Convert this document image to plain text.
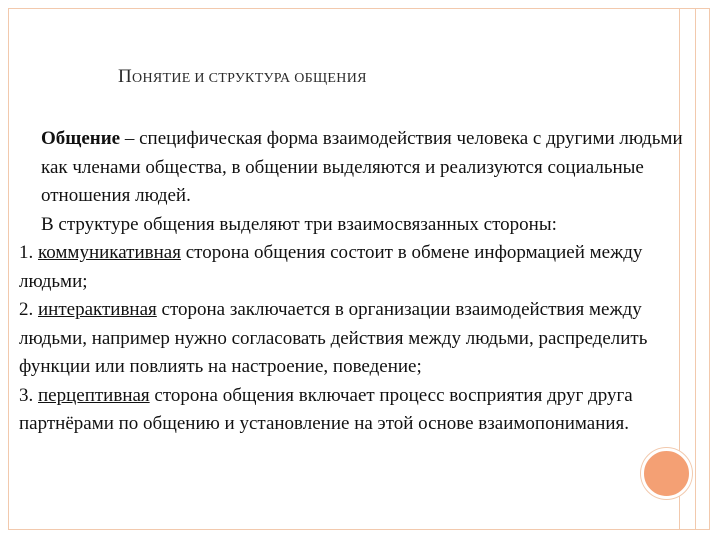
ПОНЯТИЕ И СТРУКТУРА ОБЩЕНИЯ

Общение – специфическая форма взаимодействия человека с другими людьми как членами общества, в общении выделяются и реализуются социальные отношения людей.

В структуре общения выделяют три взаимосвязанных стороны:

1. коммуникативная сторона общения состоит в обмене информацией между людьми;

2. интерактивная сторона заключается в организации взаимодействия между людьми, например нужно согласовать действия между людьми, распределить функции или повлиять на настроение, поведение;

3. перцептивная сторона общения включает процесс восприятия друг друга партнёрами по общению и установление на этой основе взаимопонимания.
